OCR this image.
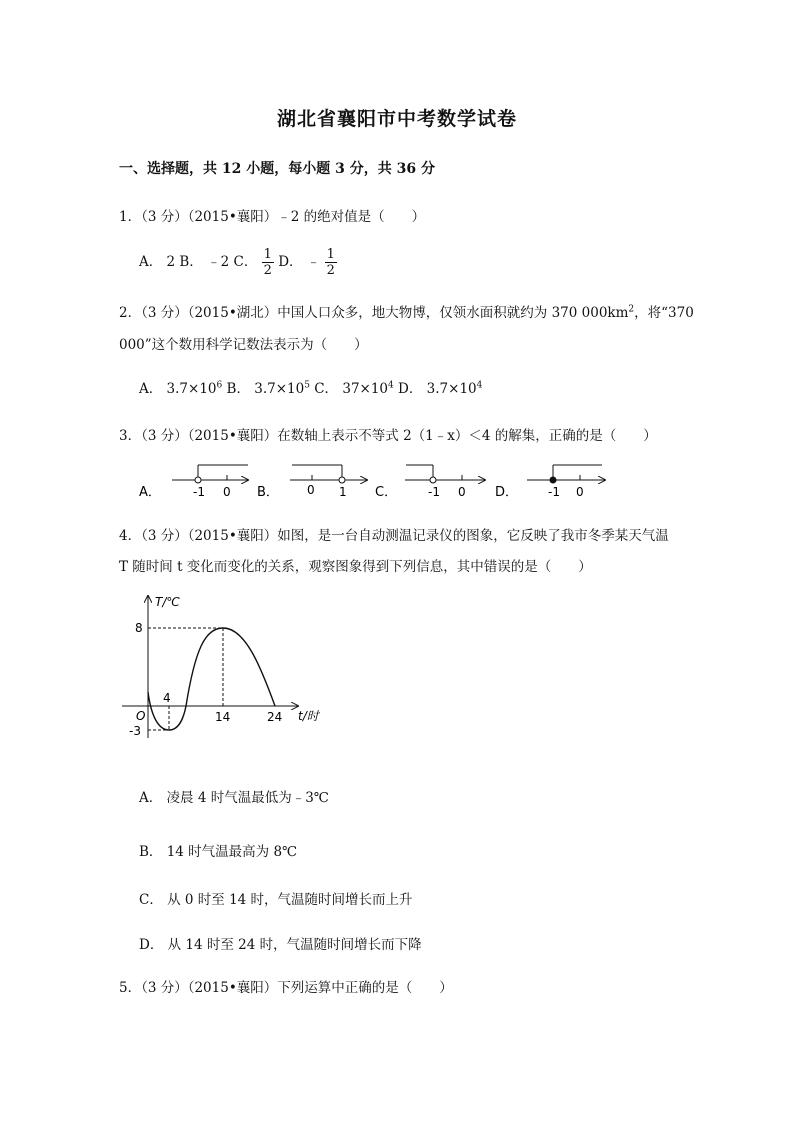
湖北省襄阳市中考数学试卷
一、选择题，共 12 小题，每小题 3 分，共 36 分
1．（3 分）（2015•襄阳）﹣2 的绝对值是（　　）
A． 2 B． ﹣2 C． $\frac{1}{2}$ D． ﹣ $\frac{1}{2}$
2．（3 分）（2015•湖北）中国人口众多，地大物博，仅领水面积就约为 370 $000km^2$，将“370
000”这个数用科学记数法表示为（　　）
A． $3.7\times 10^6$ B． $3.7\times 10^5$ C． $37\times 10^4$ D． $3.7\times 10^4$
3．（3 分）（2015•襄阳）在数轴上表示不等式 2（1﹣x）＜4 的解集，正确的是（　　）
A．	-1 0 B． 0 1 C．	-1 0 D． -1 0
4．（3 分）（2015•襄阳）如图，是一台自动测温记录仪的图象，它反映了我市冬季某天气温
T 随时间 t 变化而变化的关系，观察图象得到下列信息，其中错误的是（　　）
T/℃
t/时
O
8
-3
4
14	24
A． 凌晨 4 时气温最低为﹣3℃
B． 14 时气温最高为 8℃
C． 从 0 时至 14 时，气温随时间增长而上升
D． 从 14 时至 24 时，气温随时间增长而下降
5．（3 分）（2015•襄阳）下列运算中正确的是（　　）
